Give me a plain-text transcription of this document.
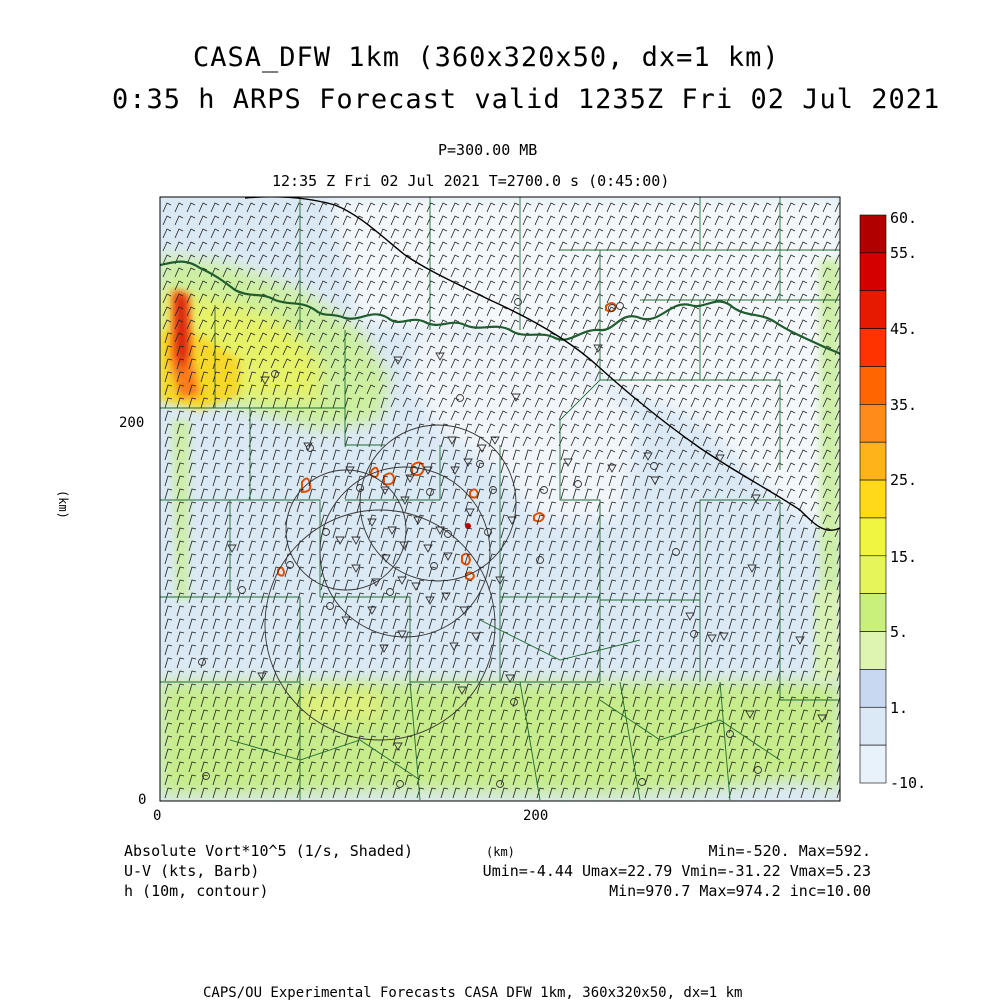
CASA_DFW 1km (360x320x50, dx=1 km)
0:35 h ARPS Forecast valid 1235Z Fri 02 Jul 2021
P=300.00 MB
12:35 Z Fri 02 Jul 2021 T=2700.0 s (0:45:00)
200
0
0	200
(km)
(km)
60.
55.
45.
35.
25.
15.
5.
1.
-10.
Absolute Vort*10^5 (1/s, Shaded)
U-V (kts, Barb)
h (10m, contour)
Min=-520. Max=592.
Umin=-4.44 Umax=22.79 Vmin=-31.22 Vmax=5.23
Min=970.7 Max=974.2 inc=10.00
CAPS/OU Experimental Forecasts CASA DFW 1km, 360x320x50, dx=1 km
